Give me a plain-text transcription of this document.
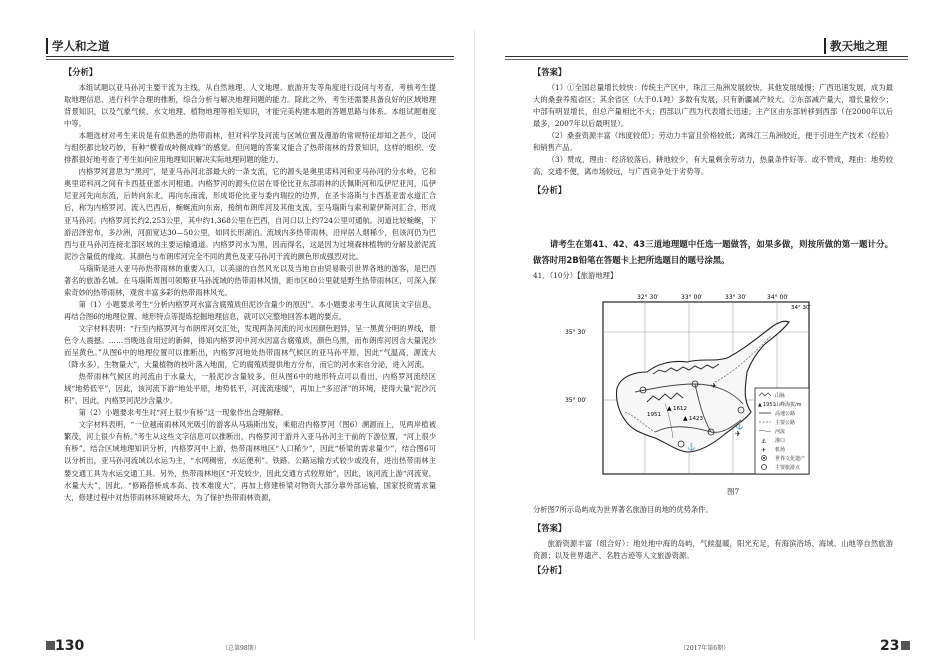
学人和之道
【分析】

本组试题以亚马孙河主要干流为主线，从自然地理、人文地理、旅游开发等角度进行设问与考查，考核考生提取地理信息、进行科学合理的推断，综合分析与解决地理问题的能力。除此之外，考生还需要具备良好的区域地理背景知识，以及气象气候、水文地理、植物地理等相关知识，才能完美构建本题的答题思路与体系。本组试题难度中等。

本题选材对考生来说是有似熟悉的热带雨林，但对科学及河流与区域位置及漫游的常规特征却知之甚少，设问与组织都比较巧妙，有种“横看成岭侧成峰”的感觉。但问题的答案又能合了热带雨林的背景知识，这样的组织、安排都很好地考查了考生如何应用地理知识解决实际地理问题的能力。

内格罗河意思为“黑河”，是亚马孙河北部最大的一条支流，它的源头是奥里诺科河和亚马孙河的分水岭，它和奥里诺科河之间有卡西基亚雷水河相通。内格罗河的源头位居在哥伦比亚东部雨林的沃佩斯河和瓜伊尼亚河，瓜伊尼亚河先向东流，后转向东北，再向东南流，形成哥伦比亚与委内瑞拉的边界，在圣卡洛斯与卡西基亚雷水道汇合后，称为内格罗河。流入巴西后，蜿蜒流向东南，接纳布朗库河及其他支流，至马瑙斯与索利蒙伊斯河汇合，形成亚马孙河。内格罗河长约2,253公里，其中约1,368公里在巴西，自河口以上约724公里可通航。河道比较蜿蜒，下游沼泽密布，多沙洲，河面宽达30—50公里，如同长形湖泊。流域内多热带雨林，沿岸居人烟稀少，但该河仍为巴西与亚马孙河连接北部区域的主要运输通道。内格罗河水为黑，因而得名，这是因为过境森林植物的分解及淤泥流泥沙含量低的缘故。其颜色与布朗库河完全不同的黄色及亚马孙河干流的颜色形成强烈对比。

马瑙斯是进入亚马孙热带雨林的重要入口，以美丽的自然风光以及当地自由贸易吸引世界各地的游客，是巴西著名的旅游名城。在马瑙斯周围可领略亚马孙流域的热带雨林风情，距市区80公里就是野生热带雨林区，可深入探索奇妙的热带雨林，观赏丰富多彩的热带雨林风光。

第（1）小题要求考生“分析内格罗河水富含腐殖质但泥沙含量少的原因”。本小题要求考生认真阅读文字信息，再结合图6的地理位置、地形特点等提炼挖掘地理信息，就可以完整地回答本题的要点。

文字材料表明：“行至内格罗河与布朗库河交汇处，发现两条河流的河水因颜色迥异，呈一黑黄分明的界线，景色令人震撼。……当晚进食用过的新鲜，得知内格罗河中河水因富含腐殖质，颜色乌黑，而布朗库河因含大量泥沙而呈黄色。”从图6中的地理位置可以推断出，内格罗河地处热带雨林气候区的亚马孙平原，因此“气温高，源流大（降水多），生物量大”，大量植物的枝叶落入地面，它的腐殖质提供地方分布，而它的河水来自分泌，进入河流。

热带雨林气候区的河流由于水量大，一般泥沙含量较多。但从图6中的地形特点可以看出，内格罗河流经区域“地势低平”，因此，该河流下游“地处平原，地势低平，河流流速缓”，再加上“多沼泽”的环境，使得大量“泥沙沉积”，因此，内格罗河泥沙含量少。

第（2）小题要求考生对“河上很少有桥”这一现象作出合理解释。

文字材料表明，“一位越南雨林风光吸引的游客从马瑙斯出发，乘船沿内格罗河（图6）溯源而上，见两岸植被繁茂，河上很少有桥。”考生从这些文字信息可以推断出，内格罗河于游并入亚马孙河主干前的下游位置，“河上很少有桥”。结合区域地理知识分析，内格罗河中上游，热带雨林地区“人口稀少”，因此“桥梁的需求量少”，结合图6可以分析出，亚马孙河流域以水运为主，“水网稠密，水运便利”。铁路、公路运输方式较少或没有，进出热带雨林主要交通工具为水运交通工具。另外，热带雨林地区“开发较少，因此交通方式较原始”，因此，该河流上游“河流宽，水量大大”，因此，“修路搭桥成本高、技术难度大”，再加上修建桥梁对物资大部分靠外部运输，国家投资需求量大，修建过程中对热带雨林环境破坏大，为了保护热带雨林资源，

130	（总第98期）
教天地之理
【答案】

（1）①全国总量增长较快：传统主产区中，珠江三角洲发展较快，其他发展缓慢；广西迅速发展，成为最大的桑蚕养殖省区；其余省区（大于0.1吨）多数有发展，只有新疆减产较大。②东部减产量大，增长量较少；中部有明显增长，但总产量相比不大；西部以广西为代表增长迅速；主产区由东部转移到西部（在2000年以后最多，2007年以后最明显）。

（2）桑蚕资源丰富（纬度较低）；劳动力丰富且价格较低；离珠江三角洲较近，便于引进生产技术（经验）和销售产品。

（3）赞成，理由：经济较落后，耕地较少，有大量剩余劳动力，热量条件好等。或不赞成，理由：地势较高，交通不便，离市场较远，与广西竞争处于劣势等。

【分析】

请考生在第41、42、43三道地理题中任选一题做答，如果多做，则按所做的第一题计分。做答时用2B铅笔在答题卡上把所选题目的题号涂黑。

41．（10分）【旅游地理】
图7

分析图7所示岛屿成为世界著名旅游目的地的优势条件。

【答案】

旅游资源丰富（组合好）：地处地中海的岛屿，气候温暖，阳光充足，有海滨浴场、海域、山地等自然旅游资源；以及世界遗产、名胜古迹等人文旅游资源。

【分析】
23
（2017年第6期）
32° 30′	33° 00′	33° 30′	34° 00′
34° 30′
35° 30′
35° 00′
⚓
⚓
✈
✈
▲
1951
1612
▲ 1423
山脉
▲ 1951 山峰海拔/m
高速公路
主要公路
河流
⚓ 港口
✈ 机场
世界文化遗产
主要旅游点
